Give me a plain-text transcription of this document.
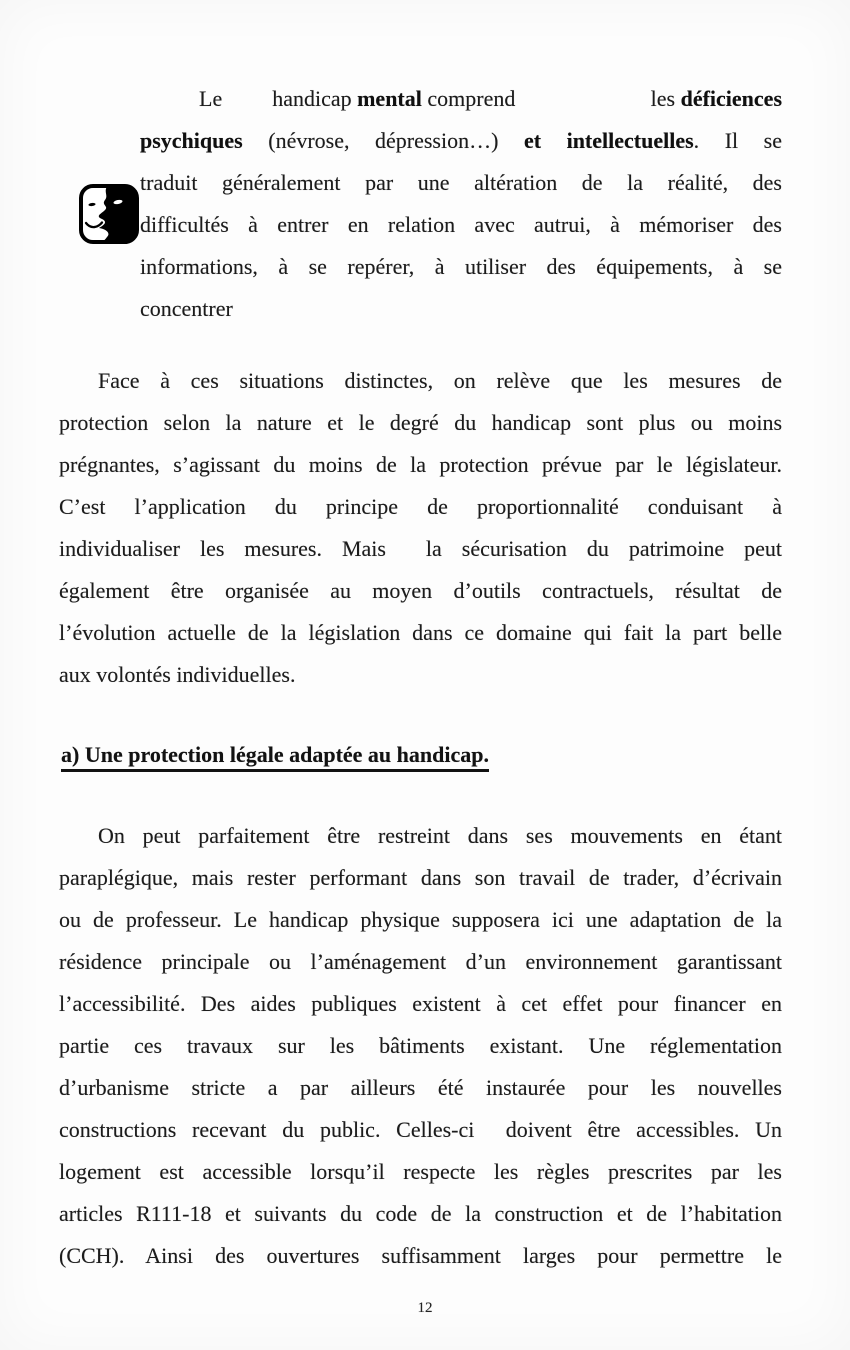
Le handicap mental comprend	les déficiences
psychiques (névrose, dépression…) et intellectuelles. Il se
traduit généralement par une altération de la réalité, des
difficultés à entrer en relation avec autrui, à mémoriser des
informations, à se repérer, à utiliser des équipements, à se
concentrer
Face à ces situations distinctes, on relève que les mesures de
protection selon la nature et le degré du handicap sont plus ou moins
prégnantes, s’agissant du moins de la protection prévue par le législateur.
C’est l’application du principe de proportionnalité conduisant à
individualiser les mesures. Mais  la sécurisation du patrimoine peut
également être organisée au moyen d’outils contractuels, résultat de
l’évolution actuelle de la législation dans ce domaine qui fait la part belle
aux volontés individuelles.
a) Une protection légale adaptée au handicap.
On peut parfaitement être restreint dans ses mouvements en étant
paraplégique, mais rester performant dans son travail de trader, d’écrivain
ou de professeur. Le handicap physique supposera ici une adaptation de la
résidence principale ou l’aménagement d’un environnement garantissant
l’accessibilité. Des aides publiques existent à cet effet pour financer en
partie ces travaux sur les bâtiments existant. Une réglementation
d’urbanisme stricte a par ailleurs été instaurée pour les nouvelles
constructions recevant du public. Celles-ci  doivent être accessibles. Un
logement est accessible lorsqu’il respecte les règles prescrites par les
articles R111-18 et suivants du code de la construction et de l’habitation
(CCH). Ainsi des ouvertures suffisamment larges pour permettre le
12
